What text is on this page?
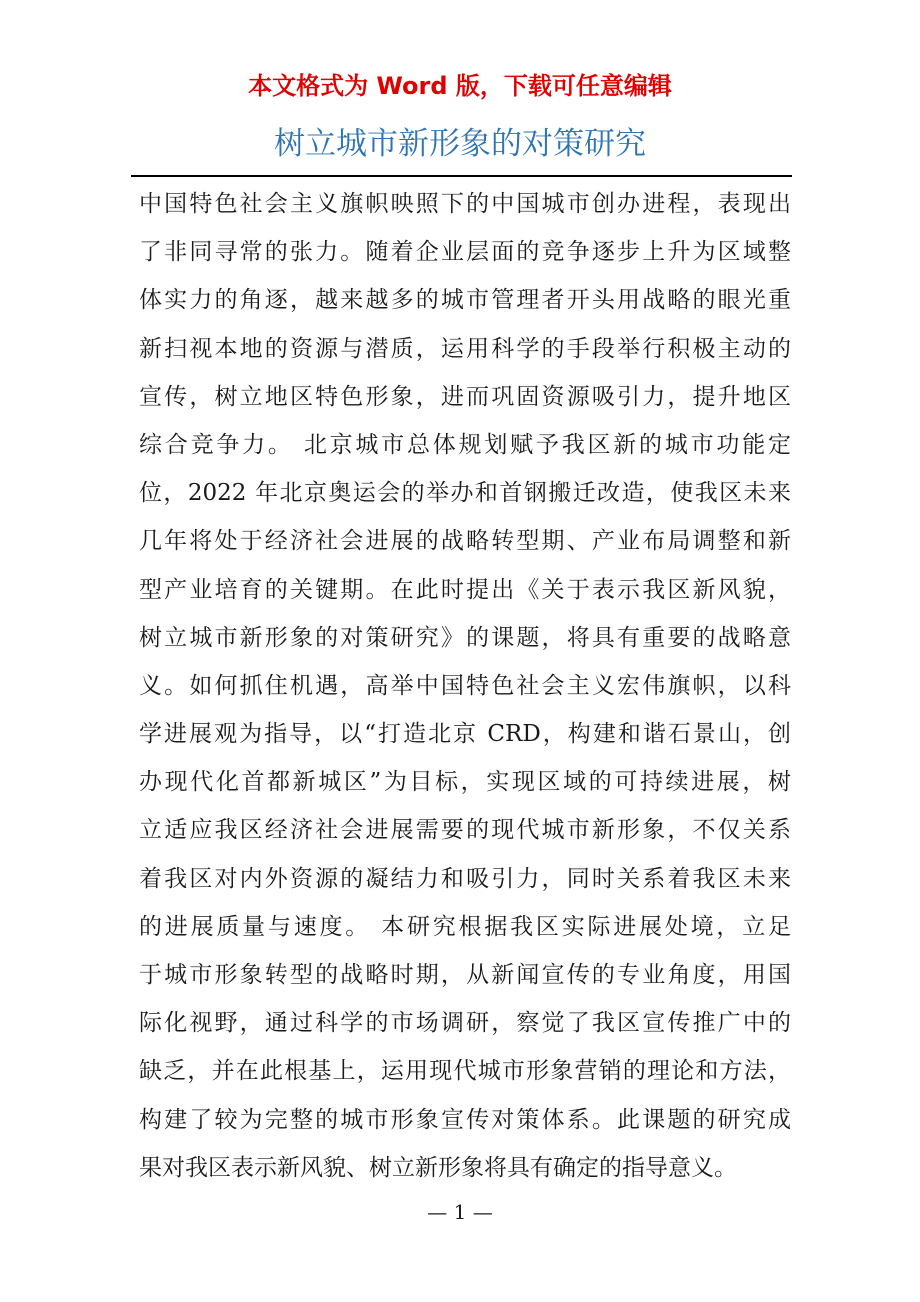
本文格式为 Word 版，下载可任意编辑
树立城市新形象的对策研究
中国特色社会主义旗帜映照下的中国城市创办进程，表现出
了非同寻常的张力。随着企业层面的竞争逐步上升为区域整
体实力的角逐，越来越多的城市管理者开头用战略的眼光重
新扫视本地的资源与潜质，运用科学的手段举行积极主动的
宣传，树立地区特色形象，进而巩固资源吸引力，提升地区
综合竞争力。 北京城市总体规划赋予我区新的城市功能定
位，2022 年北京奥运会的举办和首钢搬迁改造，使我区未来
几年将处于经济社会进展的战略转型期、产业布局调整和新
型产业培育的关键期。在此时提出《关于表示我区新风貌，
树立城市新形象的对策研究》的课题，将具有重要的战略意
义。如何抓住机遇，高举中国特色社会主义宏伟旗帜，以科
学进展观为指导，以“打造北京 CRD，构建和谐石景山，创
办现代化首都新城区”为目标，实现区域的可持续进展，树
立适应我区经济社会进展需要的现代城市新形象，不仅关系
着我区对内外资源的凝结力和吸引力，同时关系着我区未来
的进展质量与速度。 本研究根据我区实际进展处境，立足
于城市形象转型的战略时期，从新闻宣传的专业角度，用国
际化视野，通过科学的市场调研，察觉了我区宣传推广中的
缺乏，并在此根基上，运用现代城市形象营销的理论和方法，
构建了较为完整的城市形象宣传对策体系。此课题的研究成
果对我区表示新风貌、树立新形象将具有确定的指导意义。
— 1 —
